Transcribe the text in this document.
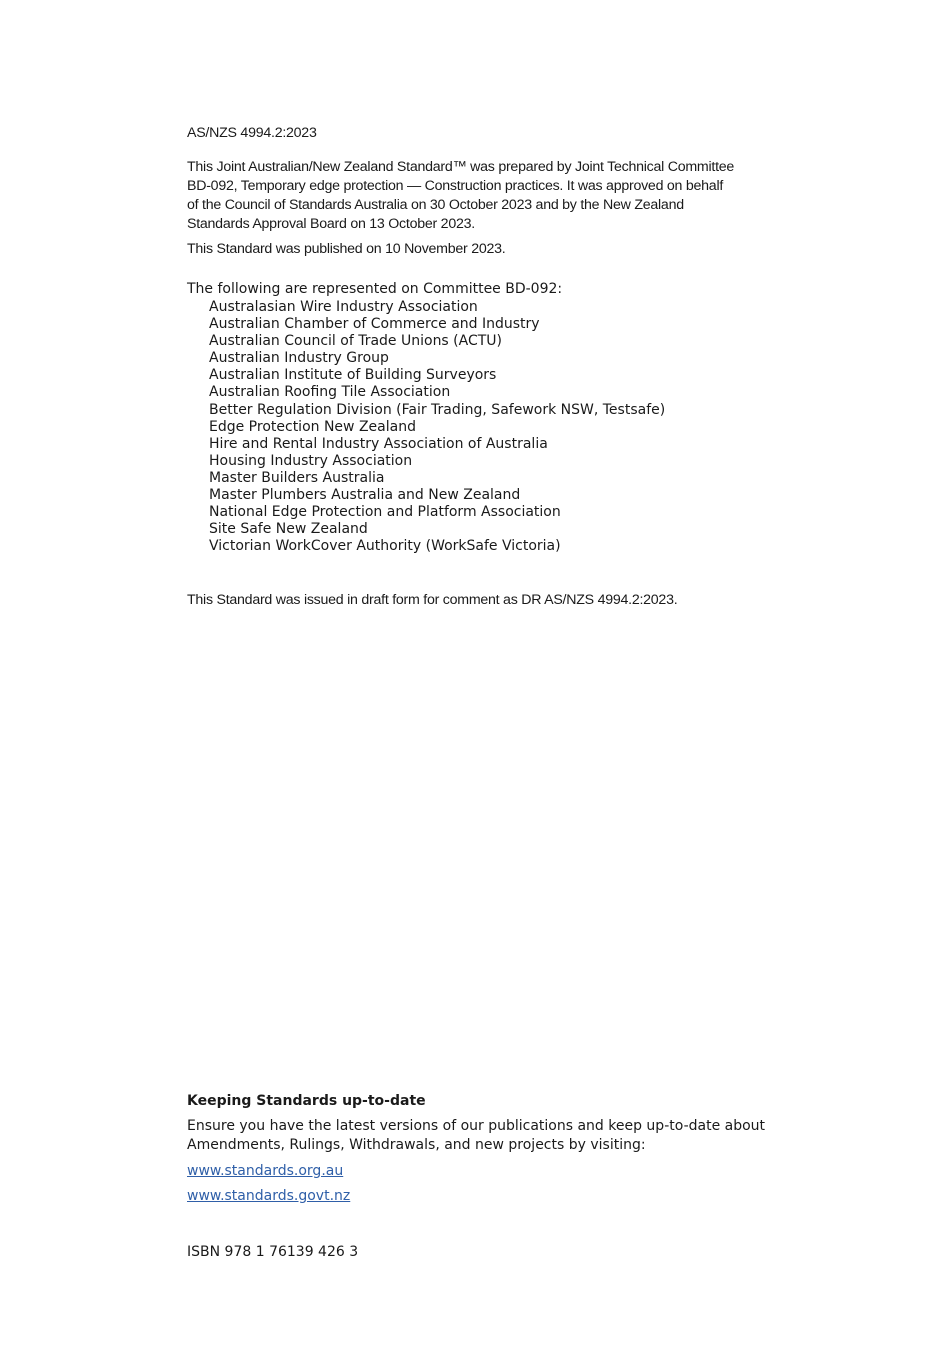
AS/NZS 4994.2:2023

This Joint Australian/New Zealand Standard™ was prepared by Joint Technical Committee
BD-092, Temporary edge protection — Construction practices. It was approved on behalf
of the Council of Standards Australia on 30 October 2023 and by the New Zealand
Standards Approval Board on 13 October 2023.

This Standard was published on 10 November 2023.

The following are represented on Committee BD-092:

Australasian Wire Industry Association
Australian Chamber of Commerce and Industry
Australian Council of Trade Unions (ACTU)
Australian Industry Group
Australian Institute of Building Surveyors
Australian Roofing Tile Association
Better Regulation Division (Fair Trading, Safework NSW, Testsafe)
Edge Protection New Zealand
Hire and Rental Industry Association of Australia
Housing Industry Association
Master Builders Australia
Master Plumbers Australia and New Zealand
National Edge Protection and Platform Association
Site Safe New Zealand
Victorian WorkCover Authority (WorkSafe Victoria)

This Standard was issued in draft form for comment as DR AS/NZS 4994.2:2023.

Keeping Standards up-to-date

Ensure you have the latest versions of our publications and keep up-to-date about
Amendments, Rulings, Withdrawals, and new projects by visiting:

www.standards.org.au
www.standards.govt.nz

ISBN 978 1 76139 426 3
